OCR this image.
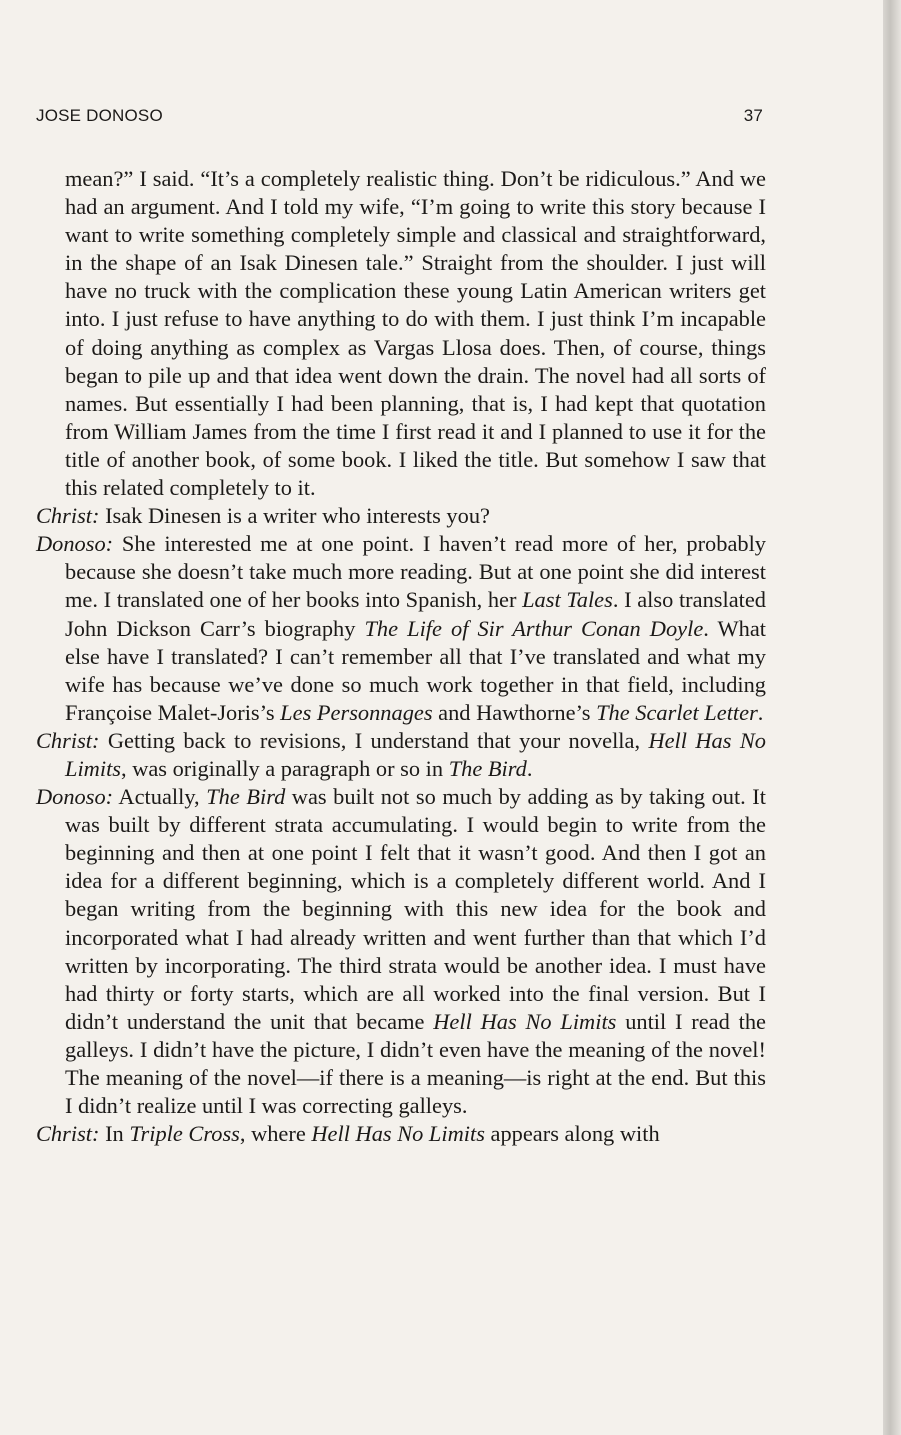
JOSE DONOSO	37

mean?” I said. “It’s a completely realistic thing. Don’t be ridiculous.” And we had an argument. And I told my wife, “I’m going to write this story because I want to write something completely simple and classical and straightforward, in the shape of an Isak Dinesen tale.” Straight from the shoulder. I just will have no truck with the complication these young Latin American writers get into. I just refuse to have anything to do with them. I just think I’m incapable of doing anything as complex as Vargas Llosa does. Then, of course, things began to pile up and that idea went down the drain. The novel had all sorts of names. But essentially I had been planning, that is, I had kept that quotation from William James from the time I first read it and I planned to use it for the title of another book, of some book. I liked the title. But somehow I saw that this related completely to it.

Christ: Isak Dinesen is a writer who interests you?

Donoso: She interested me at one point. I haven’t read more of her, probably because she doesn’t take much more reading. But at one point she did interest me. I translated one of her books into Spanish, her Last Tales. I also translated John Dickson Carr’s biography The Life of Sir Arthur Conan Doyle. What else have I translated? I can’t remember all that I’ve translated and what my wife has because we’ve done so much work together in that field, including Françoise Malet-Joris’s Les Personnages and Hawthorne’s The Scarlet Letter.

Christ: Getting back to revisions, I understand that your novella, Hell Has No Limits, was originally a paragraph or so in The Bird.

Donoso: Actually, The Bird was built not so much by adding as by taking out. It was built by different strata accumulating. I would begin to write from the beginning and then at one point I felt that it wasn’t good. And then I got an idea for a different beginning, which is a completely different world. And I began writing from the beginning with this new idea for the book and incorporated what I had already written and went further than that which I’d written by incorporating. The third strata would be another idea. I must have had thirty or forty starts, which are all worked into the final version. But I didn’t understand the unit that became Hell Has No Limits until I read the galleys. I didn’t have the picture, I didn’t even have the meaning of the novel! The meaning of the novel—if there is a meaning—is right at the end. But this I didn’t realize until I was correcting galleys.

Christ: In Triple Cross, where Hell Has No Limits appears along with
